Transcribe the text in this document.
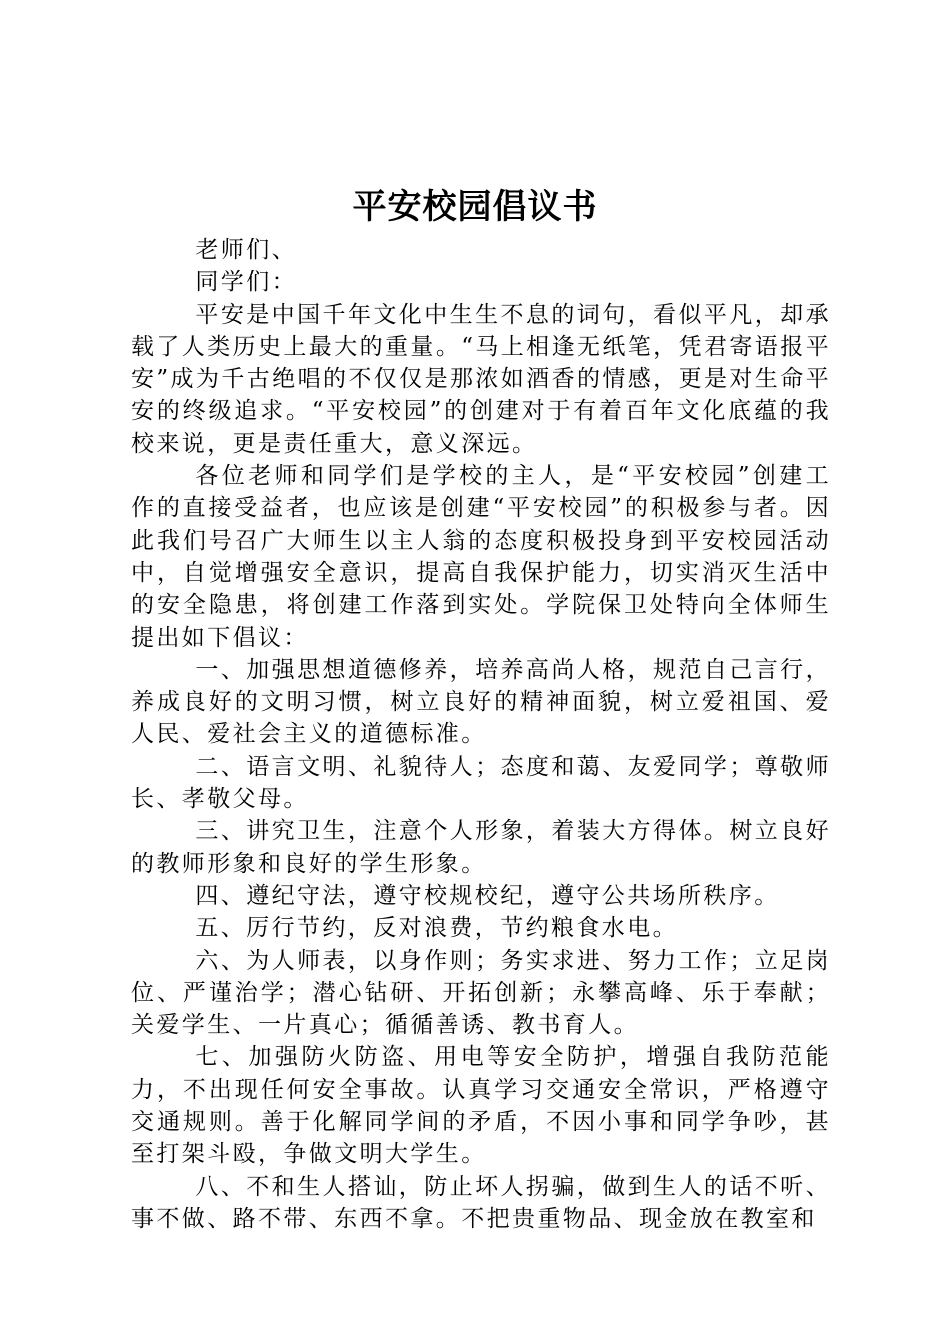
平安校园倡议书

老师们、

同学们：

平安是中国千年文化中生生不息的词句，看似平凡，却承载了人类历史上最大的重量。“马上相逢无纸笔，凭君寄语报平安”成为千古绝唱的不仅仅是那浓如酒香的情感，更是对生命平安的终级追求。“平安校园”的创建对于有着百年文化底蕴的我校来说，更是责任重大，意义深远。

各位老师和同学们是学校的主人，是“平安校园”创建工作的直接受益者，也应该是创建“平安校园”的积极参与者。因此我们号召广大师生以主人翁的态度积极投身到平安校园活动中，自觉增强安全意识，提高自我保护能力，切实消灭生活中的安全隐患，将创建工作落到实处。学院保卫处特向全体师生提出如下倡议：

一、加强思想道德修养，培养高尚人格，规范自己言行，养成良好的文明习惯，树立良好的精神面貌，树立爱祖国、爱人民、爱社会主义的道德标准。

二、语言文明、礼貌待人；态度和蔼、友爱同学；尊敬师长、孝敬父母。

三、讲究卫生，注意个人形象，着装大方得体。树立良好的教师形象和良好的学生形象。

四、遵纪守法，遵守校规校纪，遵守公共场所秩序。

五、厉行节约，反对浪费，节约粮食水电。

六、为人师表，以身作则；务实求进、努力工作；立足岗位、严谨治学；潜心钻研、开拓创新；永攀高峰、乐于奉献；关爱学生、一片真心；循循善诱、教书育人。

七、加强防火防盗、用电等安全防护，增强自我防范能力，不出现任何安全事故。认真学习交通安全常识，严格遵守交通规则。善于化解同学间的矛盾，不因小事和同学争吵，甚至打架斗殴，争做文明大学生。

八、不和生人搭讪，防止坏人拐骗，做到生人的话不听、事不做、路不带、东西不拿。不把贵重物品、现金放在教室和
